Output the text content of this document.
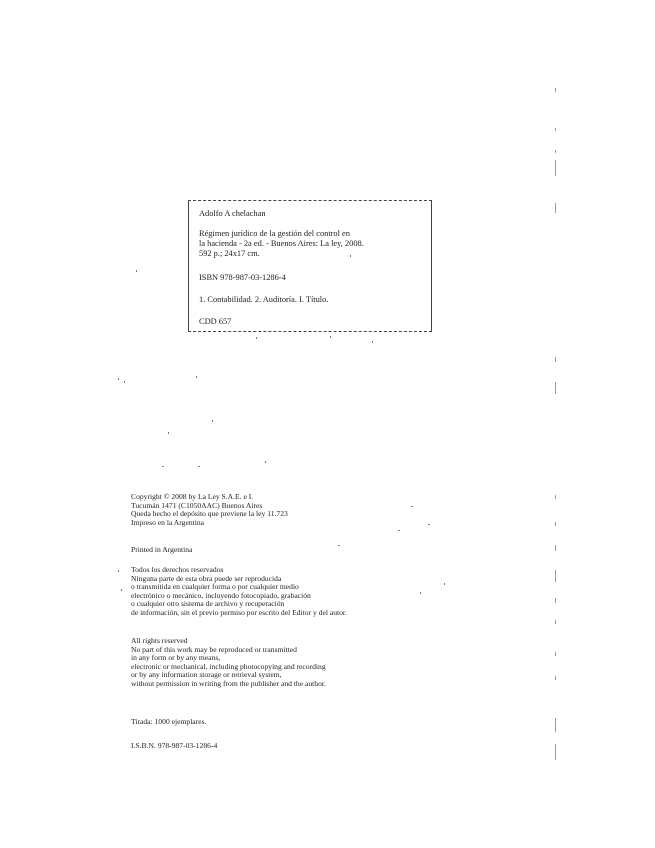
Adolfo A chelachan
Régimen jurídico de la gestión del control en
la hacienda - 2a ed. - Buenos Aires: La ley, 2008.
592 p.; 24x17 cm.
ISBN 978-987-03-1286-4
1. Contabilidad. 2. Auditoría. I. Título.
CDD 657
Copyright © 2008 by La Ley S.A.E. e I.
Tucumán 1471 (C1050AAC) Buenos Aires
Queda hecho el depósito que previene la ley 11.723
Impreso en la Argentina
Printed in Argentina
Todos los derechos reservados
Ninguna parte de esta obra puede ser reproducida
o transmitida en cualquier forma o por cualquier medio
electrónico o mecánico, incluyendo fotocopiado, grabación
o cualquier otro sistema de archivo y recuperación
de información, sin el previo permiso por escrito del Editor y del autor.
All rights reserved
No part of this work may be reproduced or transmitted
in any form or by any means,
electronic or mechanical, including photocopying and recording
or by any information storage or retrieval system,
without permission in writing from the publisher and the author.
Tirada: 1000 ejemplares.
I.S.B.N. 978-987-03-1286-4
